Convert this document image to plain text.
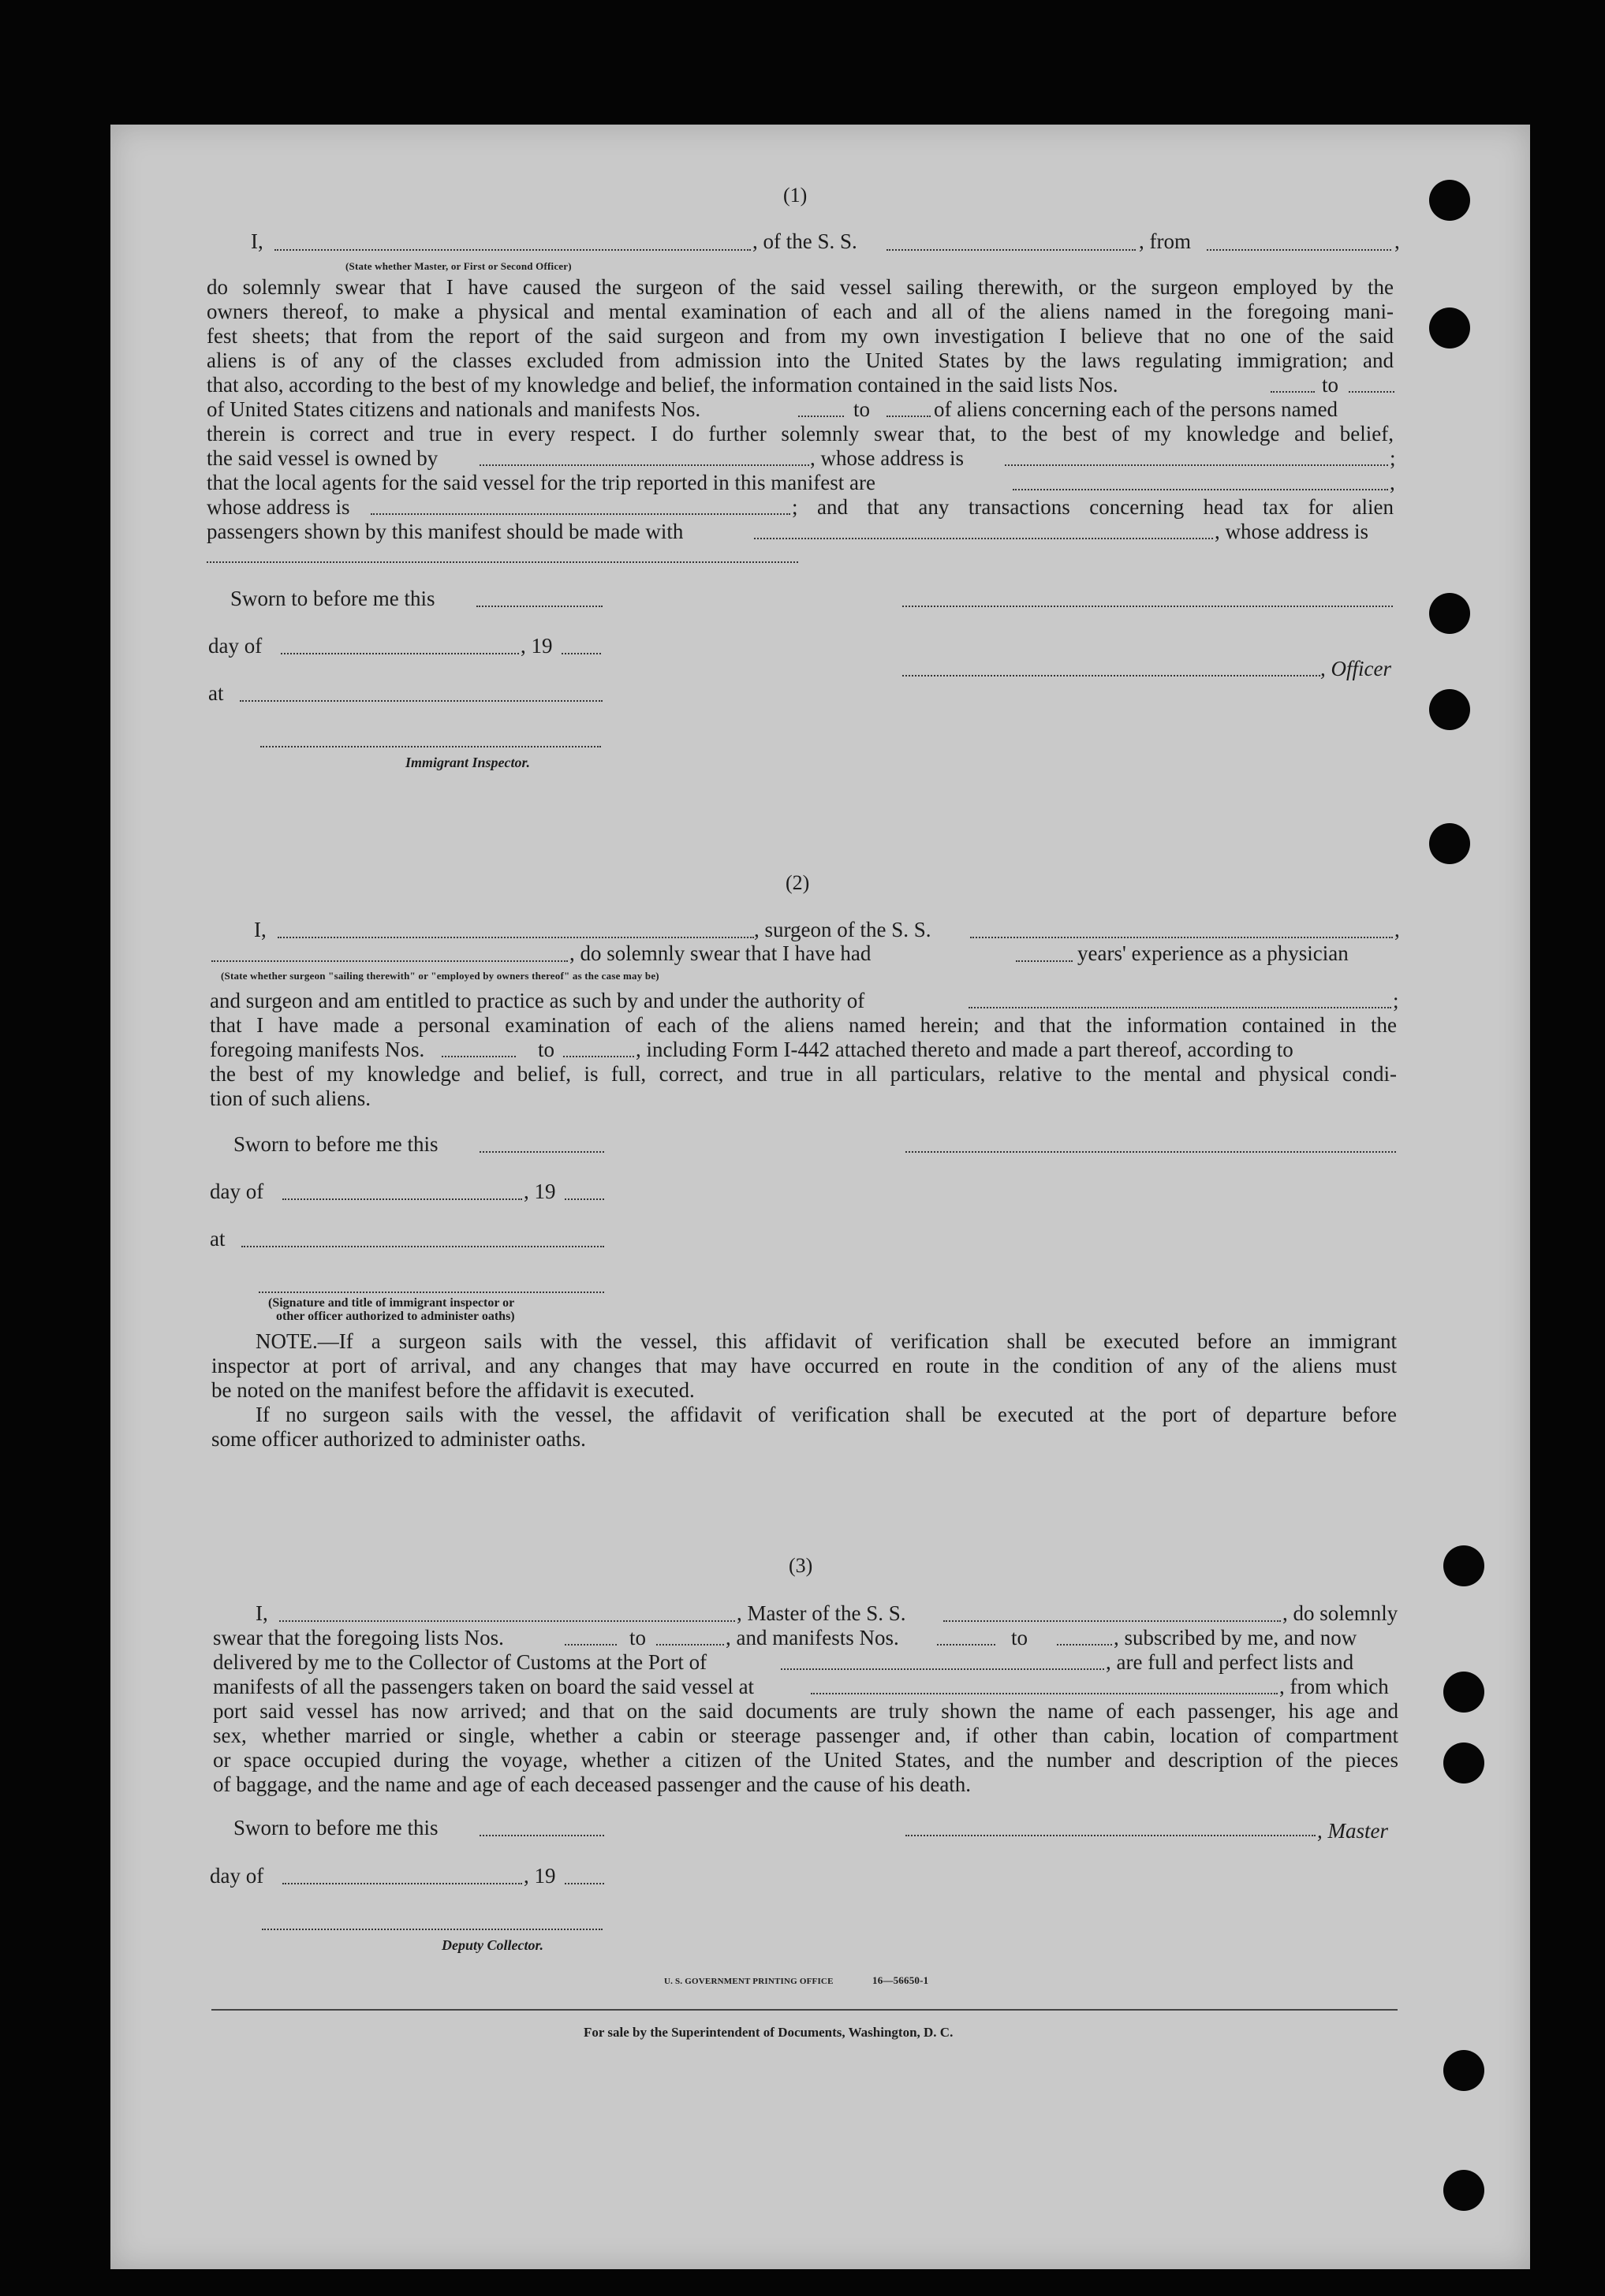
(1)
I,	, of the S. S.	, from	,
(State whether Master, or First or Second Officer)
do solemnly swear that I have caused the surgeon of the said vessel sailing therewith, or the surgeon employed by the
owners thereof, to make a physical and mental examination of each and all of the aliens named in the foregoing mani-
fest sheets; that from the report of the said surgeon and from my own investigation I believe that no one of the said
aliens is of any of the classes excluded from admission into the United States by the laws regulating immigration; and
that also, according to the best of my knowledge and belief, the information contained in the said lists Nos.	to
of United States citizens and nationals and manifests Nos.	to	of aliens concerning each of the persons named
therein is correct and true in every respect. I do further solemnly swear that, to the best of my knowledge and belief,
the said vessel is owned by	, whose address is	;
that the local agents for the said vessel for the trip reported in this manifest are	,
whose address is	; and that any transactions concerning head tax for alien
passengers shown by this manifest should be made with	, whose address is
Sworn to before me this
day of	, 19
, Officer
at
Immigrant Inspector.
(2)
I,	, surgeon of the S. S.	,
, do solemnly swear that I have had	years' experience as a physician
(State whether surgeon "sailing therewith" or "employed by owners thereof" as the case may be)
and surgeon and am entitled to practice as such by and under the authority of	;
that I have made a personal examination of each of the aliens named herein; and that the information contained in the
foregoing manifests Nos.	to	, including Form I-442 attached thereto and made a part thereof, according to
the best of my knowledge and belief, is full, correct, and true in all particulars, relative to the mental and physical condi-
tion of such aliens.
Sworn to before me this
day of	, 19
at
(Signature and title of immigrant inspector or
other officer authorized to administer oaths)
NOTE.—If a surgeon sails with the vessel, this affidavit of verification shall be executed before an immigrant
inspector at port of arrival, and any changes that may have occurred en route in the condition of any of the aliens must
be noted on the manifest before the affidavit is executed.
If no surgeon sails with the vessel, the affidavit of verification shall be executed at the port of departure before
some officer authorized to administer oaths.
(3)
I,	, Master of the S. S.	, do solemnly
swear that the foregoing lists Nos.	to	, and manifests Nos.	to	, subscribed by me, and now
delivered by me to the Collector of Customs at the Port of	, are full and perfect lists and
manifests of all the passengers taken on board the said vessel at	, from which
port said vessel has now arrived; and that on the said documents are truly shown the name of each passenger, his age and
sex, whether married or single, whether a cabin or steerage passenger and, if other than cabin, location of compartment
or space occupied during the voyage, whether a citizen of the United States, and the number and description of the pieces
of baggage, and the name and age of each deceased passenger and the cause of his death.
Sworn to before me this	, Master
day of	, 19
Deputy Collector.
U. S. GOVERNMENT PRINTING OFFICE	16—56650-1
For sale by the Superintendent of Documents, Washington, D. C.
